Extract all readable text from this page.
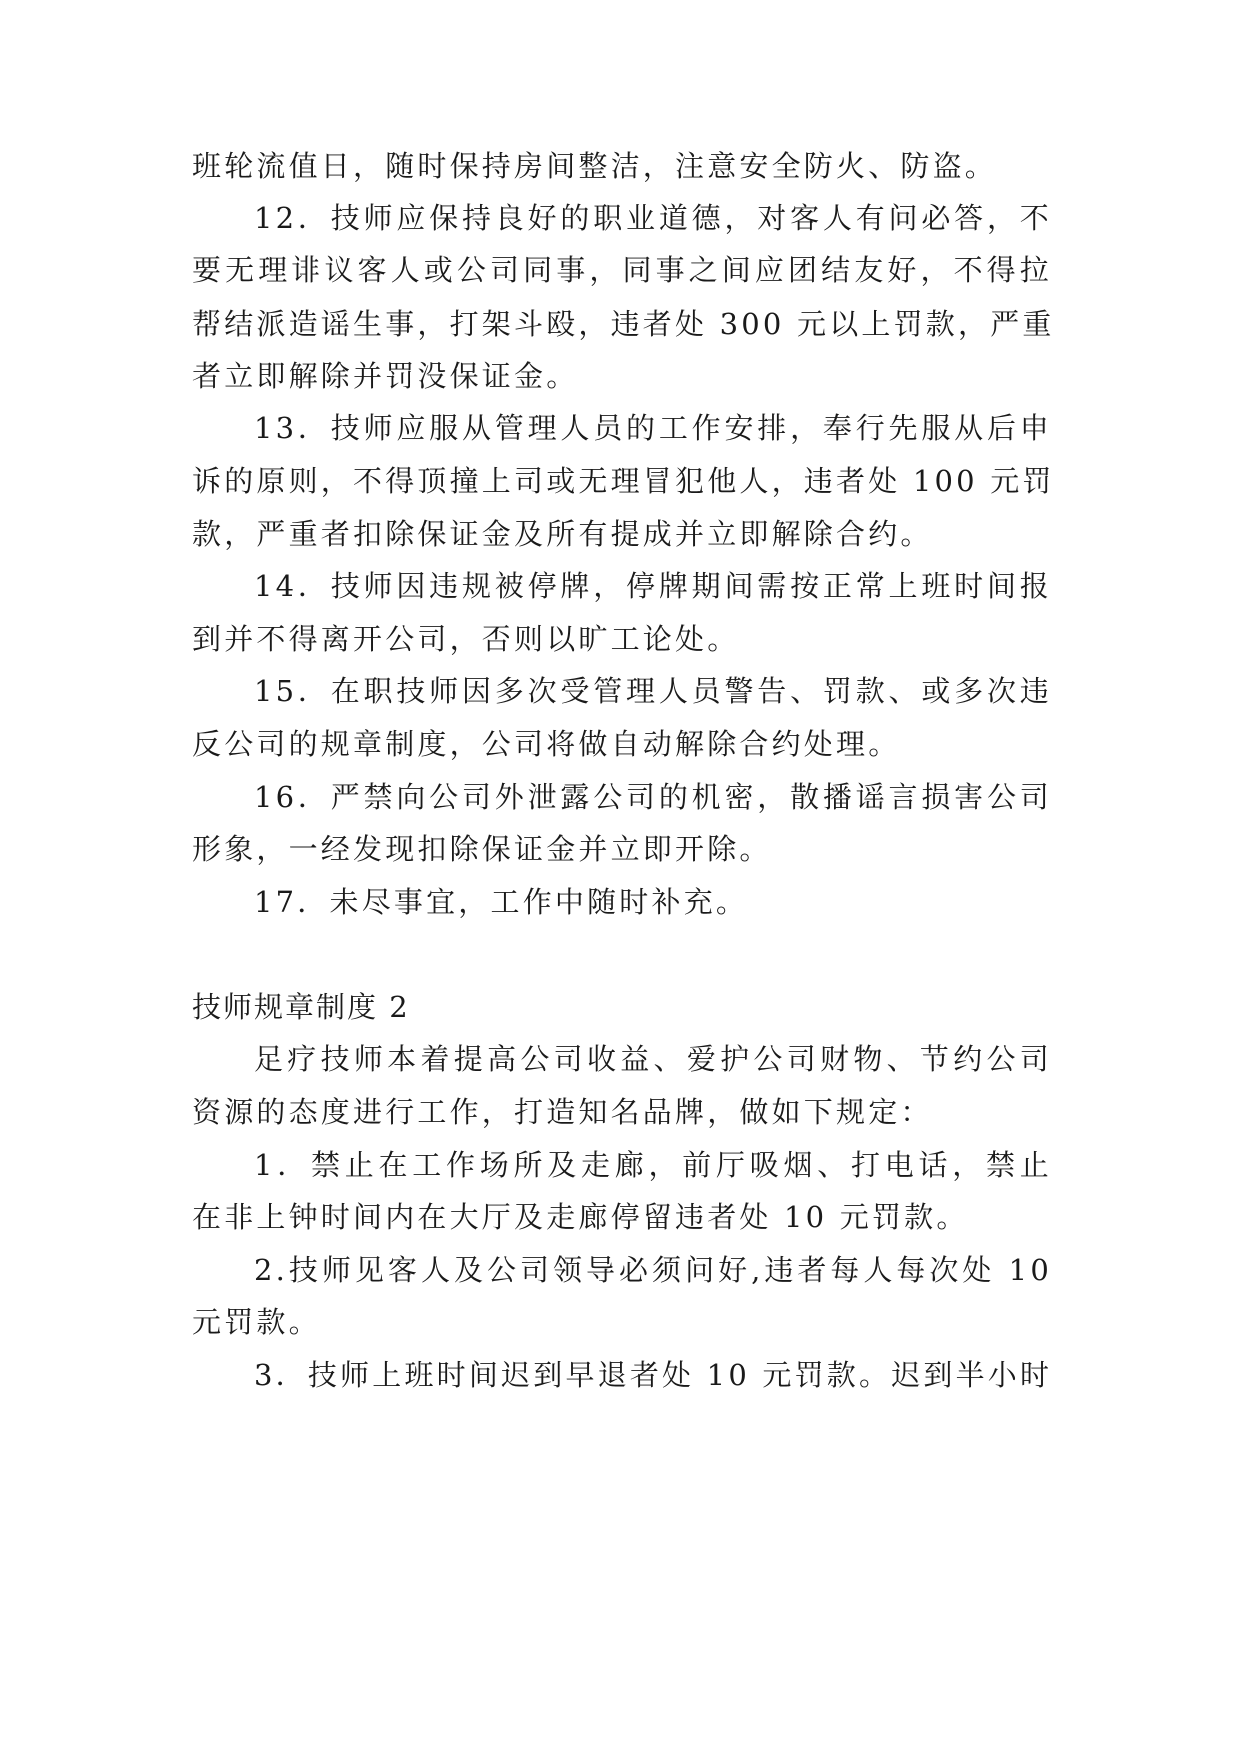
班轮流值日，随时保持房间整洁，注意安全防火、防盗。
12．技师应保持良好的职业道德，对客人有问必答，不
要无理诽议客人或公司同事，同事之间应团结友好，不得拉
帮结派造谣生事，打架斗殴，违者处 300 元以上罚款，严重
者立即解除并罚没保证金。
13．技师应服从管理人员的工作安排，奉行先服从后申
诉的原则，不得顶撞上司或无理冒犯他人，违者处 100 元罚
款，严重者扣除保证金及所有提成并立即解除合约。
14．技师因违规被停牌，停牌期间需按正常上班时间报
到并不得离开公司，否则以旷工论处。
15．在职技师因多次受管理人员警告、罚款、或多次违
反公司的规章制度，公司将做自动解除合约处理。
16．严禁向公司外泄露公司的机密，散播谣言损害公司
形象，一经发现扣除保证金并立即开除。
17．未尽事宜，工作中随时补充。
技师规章制度 2
足疗技师本着提高公司收益、爱护公司财物、节约公司
资源的态度进行工作，打造知名品牌，做如下规定：
1．禁止在工作场所及走廊，前厅吸烟、打电话，禁止
在非上钟时间内在大厅及走廊停留违者处 10 元罚款。
2.技师见客人及公司领导必须问好,违者每人每次处 10
元罚款。
3．技师上班时间迟到早退者处 10 元罚款。迟到半小时
